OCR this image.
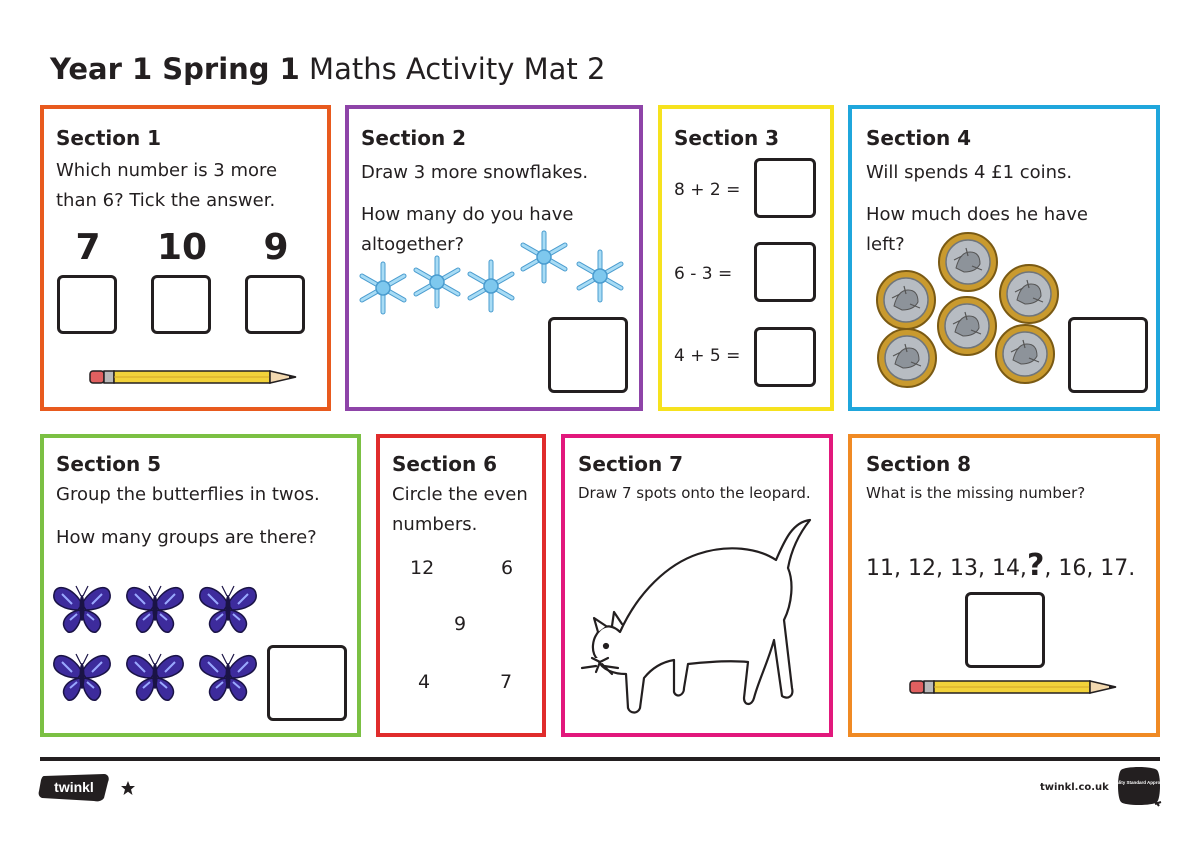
Year 1 Spring 1 Maths Activity Mat 2
Section 1
Which number is 3 more
than 6? Tick the answer.
7	10	9
Section 2
Draw 3 more snowflakes.
How many do you have
altogether?
Section 3
8 + 2 =
6 - 3 =
4 + 5 =
Section 4
Will spends 4 £1 coins.
How much does he have
left?
Section 5
Group the butterflies in twos.
How many groups are there?
Section 6
Circle the even
numbers.
12	6
9
4	7
Section 7
Draw 7 spots onto the leopard.
Section 8
What is the missing number?
11, 12, 13, 14,?, 16, 17.
twinkl	twinkl.co.uk Quality Standard Approved
